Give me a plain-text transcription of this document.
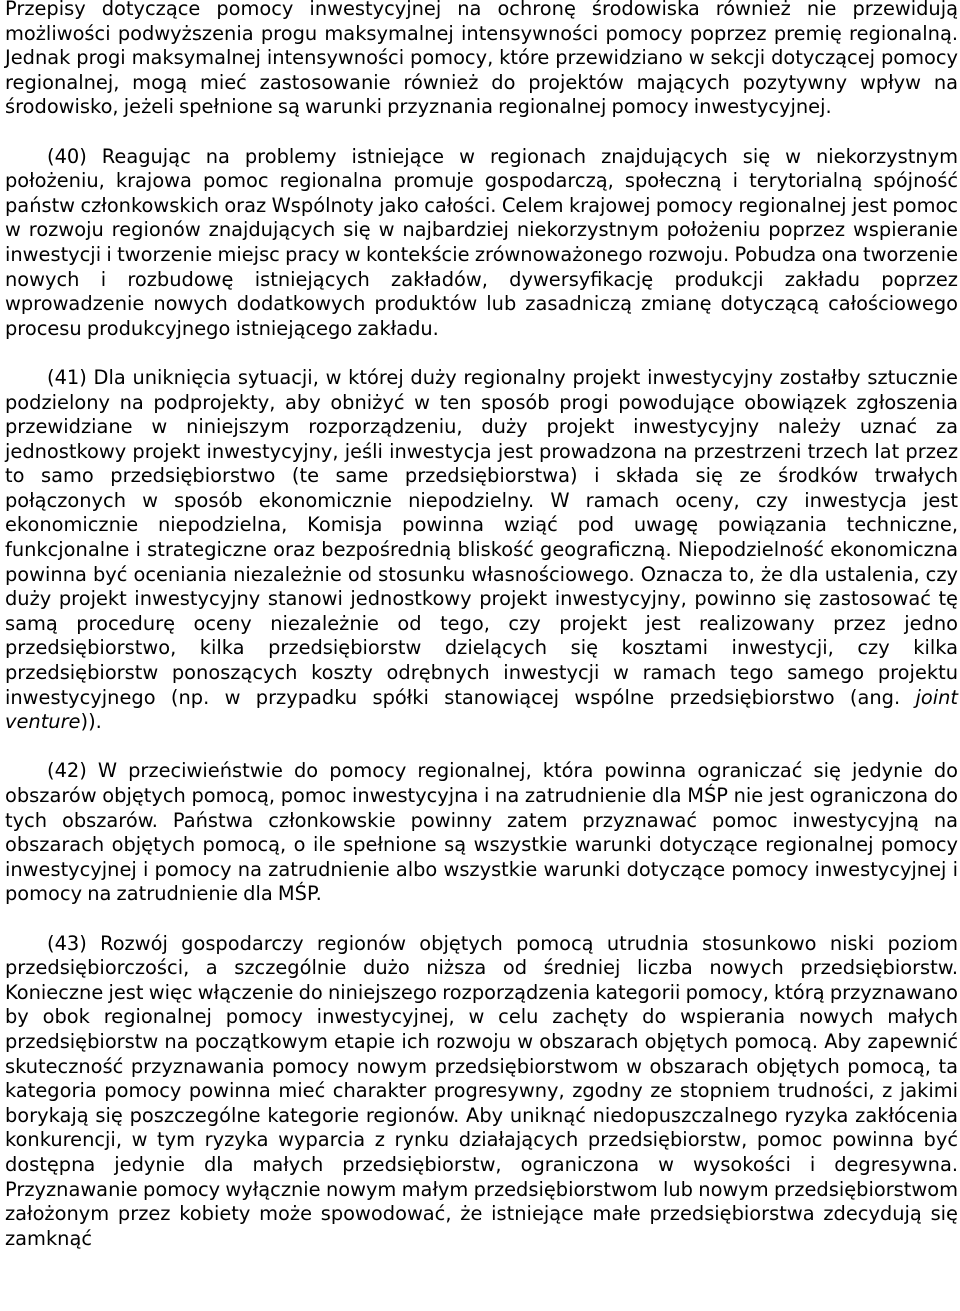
Przepisy dotyczące pomocy inwestycyjnej na ochronę środowiska również nie przewidują możliwości podwyższenia progu maksymalnej intensywności pomocy poprzez premię regionalną. Jednak progi maksymalnej intensywności pomocy, które przewidziano w sekcji dotyczącej pomocy regionalnej, mogą mieć zastosowanie również do projektów mających pozytywny wpływ na środowisko, jeżeli spełnione są warunki przyznania regionalnej pomocy inwestycyjnej.

(40) Reagując na problemy istniejące w regionach znajdujących się w niekorzystnym położeniu, krajowa pomoc regionalna promuje gospodarczą, społeczną i terytorialną spójność państw członkowskich oraz Wspólnoty jako całości. Celem krajowej pomocy regionalnej jest pomoc w rozwoju regionów znajdujących się w najbardziej niekorzystnym położeniu poprzez wspieranie inwestycji i tworzenie miejsc pracy w kontekście zrównoważonego rozwoju. Pobudza ona tworzenie nowych i rozbudowę istniejących zakładów, dywersyfikację produkcji zakładu poprzez wprowadzenie nowych dodatkowych produktów lub zasadniczą zmianę dotyczącą całościowego procesu produkcyjnego istniejącego zakładu.

(41) Dla uniknięcia sytuacji, w której duży regionalny projekt inwestycyjny zostałby sztucznie podzielony na podprojekty, aby obniżyć w ten sposób progi powodujące obowiązek zgłoszenia przewidziane w niniejszym rozporządzeniu, duży projekt inwestycyjny należy uznać za jednostkowy projekt inwestycyjny, jeśli inwestycja jest prowadzona na przestrzeni trzech lat przez to samo przedsiębiorstwo (te same przedsiębiorstwa) i składa się ze środków trwałych połączonych w sposób ekonomicznie niepodzielny. W ramach oceny, czy inwestycja jest ekonomicznie niepodzielna, Komisja powinna wziąć pod uwagę powiązania techniczne, funkcjonalne i strategiczne oraz bezpośrednią bliskość geograficzną. Niepodzielność ekonomiczna powinna być oceniania niezależnie od stosunku własnościowego. Oznacza to, że dla ustalenia, czy duży projekt inwestycyjny stanowi jednostkowy projekt inwestycyjny, powinno się zastosować tę samą procedurę oceny niezależnie od tego, czy projekt jest realizowany przez jedno przedsiębiorstwo, kilka przedsiębiorstw dzielących się kosztami inwestycji, czy kilka przedsiębiorstw ponoszących koszty odrębnych inwestycji w ramach tego samego projektu inwestycyjnego (np. w przypadku spółki stanowiącej wspólne przedsiębiorstwo (ang. joint venture)).

(42) W przeciwieństwie do pomocy regionalnej, która powinna ograniczać się jedynie do obszarów objętych pomocą, pomoc inwestycyjna i na zatrudnienie dla MŚP nie jest ograniczona do tych obszarów. Państwa członkowskie powinny zatem przyznawać pomoc inwestycyjną na obszarach objętych pomocą, o ile spełnione są wszystkie warunki dotyczące regionalnej pomocy inwestycyjnej i pomocy na zatrudnienie albo wszystkie warunki dotyczące pomocy inwestycyjnej i pomocy na zatrudnienie dla MŚP.

(43) Rozwój gospodarczy regionów objętych pomocą utrudnia stosunkowo niski poziom przedsiębiorczości, a szczególnie dużo niższa od średniej liczba nowych przedsiębiorstw. Konieczne jest więc włączenie do niniejszego rozporządzenia kategorii pomocy, którą przyznawano by obok regionalnej pomocy inwestycyjnej, w celu zachęty do wspierania nowych małych przedsiębiorstw na początkowym etapie ich rozwoju w obszarach objętych pomocą. Aby zapewnić skuteczność przyznawania pomocy nowym przedsiębiorstwom w obszarach objętych pomocą, ta kategoria pomocy powinna mieć charakter progresywny, zgodny ze stopniem trudności, z jakimi borykają się poszczególne kategorie regionów. Aby uniknąć niedopuszczalnego ryzyka zakłócenia konkurencji, w tym ryzyka wyparcia z rynku działających przedsiębiorstw, pomoc powinna być dostępna jedynie dla małych przedsiębiorstw, ograniczona w wysokości i degresywna. Przyznawanie pomocy wyłącznie nowym małym przedsiębiorstwom lub nowym przedsiębiorstwom założonym przez kobiety może spowodować, że istniejące małe przedsiębiorstwa zdecydują się zamknąć
